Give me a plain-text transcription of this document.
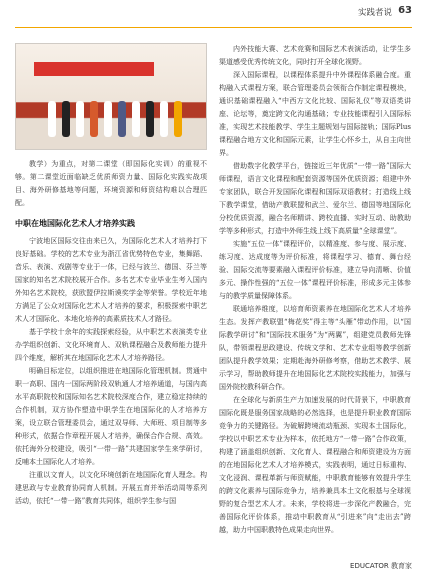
实践者说 63

教学）为重点，对第二课堂（即国际化实训）的重视不够。第二课堂近面临缺乏优质师资力量、国际化实践实战项目、海外研修基地等问题，环境资源和师资结构难以合理匹配。

中职在地国际化艺术人才培养实践

宁波地区国际交往由来已久，为国际化艺术人才培养打下良好基础。学校的艺术专业为浙江省优势特色专业，集舞蹈、音乐、表演、戏剧等专业于一体，已经与波兰、德国、芬兰等国家的知名艺术院校展开合作。多名艺术专业毕业生考入国内外知名艺术院校，获欧盟伊拉斯谟奖学金等荣誉。学校近年地方满足了公众对国际化艺术人才培养的要求，积极探索中职艺术人才国际化、本地化培养的高素质技术人才路径。

基于学校十余年的实践探索经验，从中职艺术表演类专业办学组织创新、文化环境育人、双轨课程融合及教师能力提升四个维度，解析其在地国际化艺术人才培养路径。

明确目标定位，以组织推进在地国际化管理机制。贯通中职一高职、国内一国际两阶段双轨通人才培养通道，与国内高水平高职院校和国际知名艺术院校深度合作，建立稳定持续的合作机制，双方协作塑造中职学生在地国际化的人才培养方案，设立联合管理委员会，通过双导师、大师班、项目制等多种形式，依据合作章程开展人才培养，确保合作合规、高效。依托海外分校建设，吸引“一带一路”共建国家学生来学研讨，反哺本土国际化人才培养。

注重以文育人，以文化环境创新在地国际化育人理念。构建思政与专业教育协同育人机制。开展五育并举活动周等系列活动，依托“一带一路”教育共同体，组织学生参与国

内外技能大赛、艺术竞赛和国际艺术表演活动，让学生多渠道感受优秀传统文化，同时打开全球化视野。

深入国际课程，以课程体系提升中外课程体系融合度。重构融入式课程方案，联合管理委员会领衔合作制定课程模块，通识基础课程融入“中西方文化比较、国际礼仪”等双语类讲座、论坛等，奠定跨文化沟通基础；专业技能课程引入国际标准，实现艺术技能教学、学生主题规划与国际接轨；国际Plus课程融合地方文化和国际元素，让学生心怀乡土，从自主向世界。

借助数字化教学平台，链接近三年优质“一带一路”国际大师课程，语言文化课程和配套资源等国外优质资源；组建中外专家团队，联合开发国际化课程和国际双语教材；打造线上线下教学课堂，借助产教联盟和武兰、爱尔兰、德国等地国际化分校优质资源，融合名师精讲、跨校直播、实时互动、助教助学等多种形式，打造中外师生线上线下高质量“全球课堂”。

实施“五位一体”课程评价，以精准度、参与度、展示度、练习度、达成度等为评价标准，将课程学习、德育、舞台经验、国际交流等要素融入课程评价标准，建立导向清晰、价值多元、操作性强的“五位一体”课程评价标准，形成多元主体参与的教学质量保障体系。

联通培养维度，以培育师资素养在地国际化艺术人才培养生态。发挥产教联盟“梅花奖”得主等“头雁”带动作用，以“国际教学研讨”和“国际技术服务”为“两翼”，组建党员教师先锋队，带领课程思政建设、传统文学和、艺术专业组等教学创新团队提升教学效果；定期赴海外研修考察，借助艺术教学、展示学习，帮助教师提升在地国际化艺术院校实践能力，加强与国外院校教科研合作。

在全球化与新质生产力加速发展的时代背景下，中职教育国际化既是服务国家战略的必然选择，也是提升职业教育国际竞争力的关键路径。为破解跨境流动瓶颈、实现本土国际化，学校以中职艺术专业为样本，依托地方“一带一路”合作政策，构建了涵盖组织创新、文化育人、课程融合和师资建设为方面的在地国际化艺术人才培养模式，实践表明，通过日标重构、文化浸润、课程革新与师资赋能，中职教育能够有效提升学生的跨文化素养与国际竞争力，培养兼具本土文化根基与全球视野的复合型艺术人才。未来，学校将进一步深化产教融合，完善国际化评价体系，推动中职教育从“引进来”向“走出去”跨越，助力中国职教特色成果走向世界。

EDUCATOR 教育家
